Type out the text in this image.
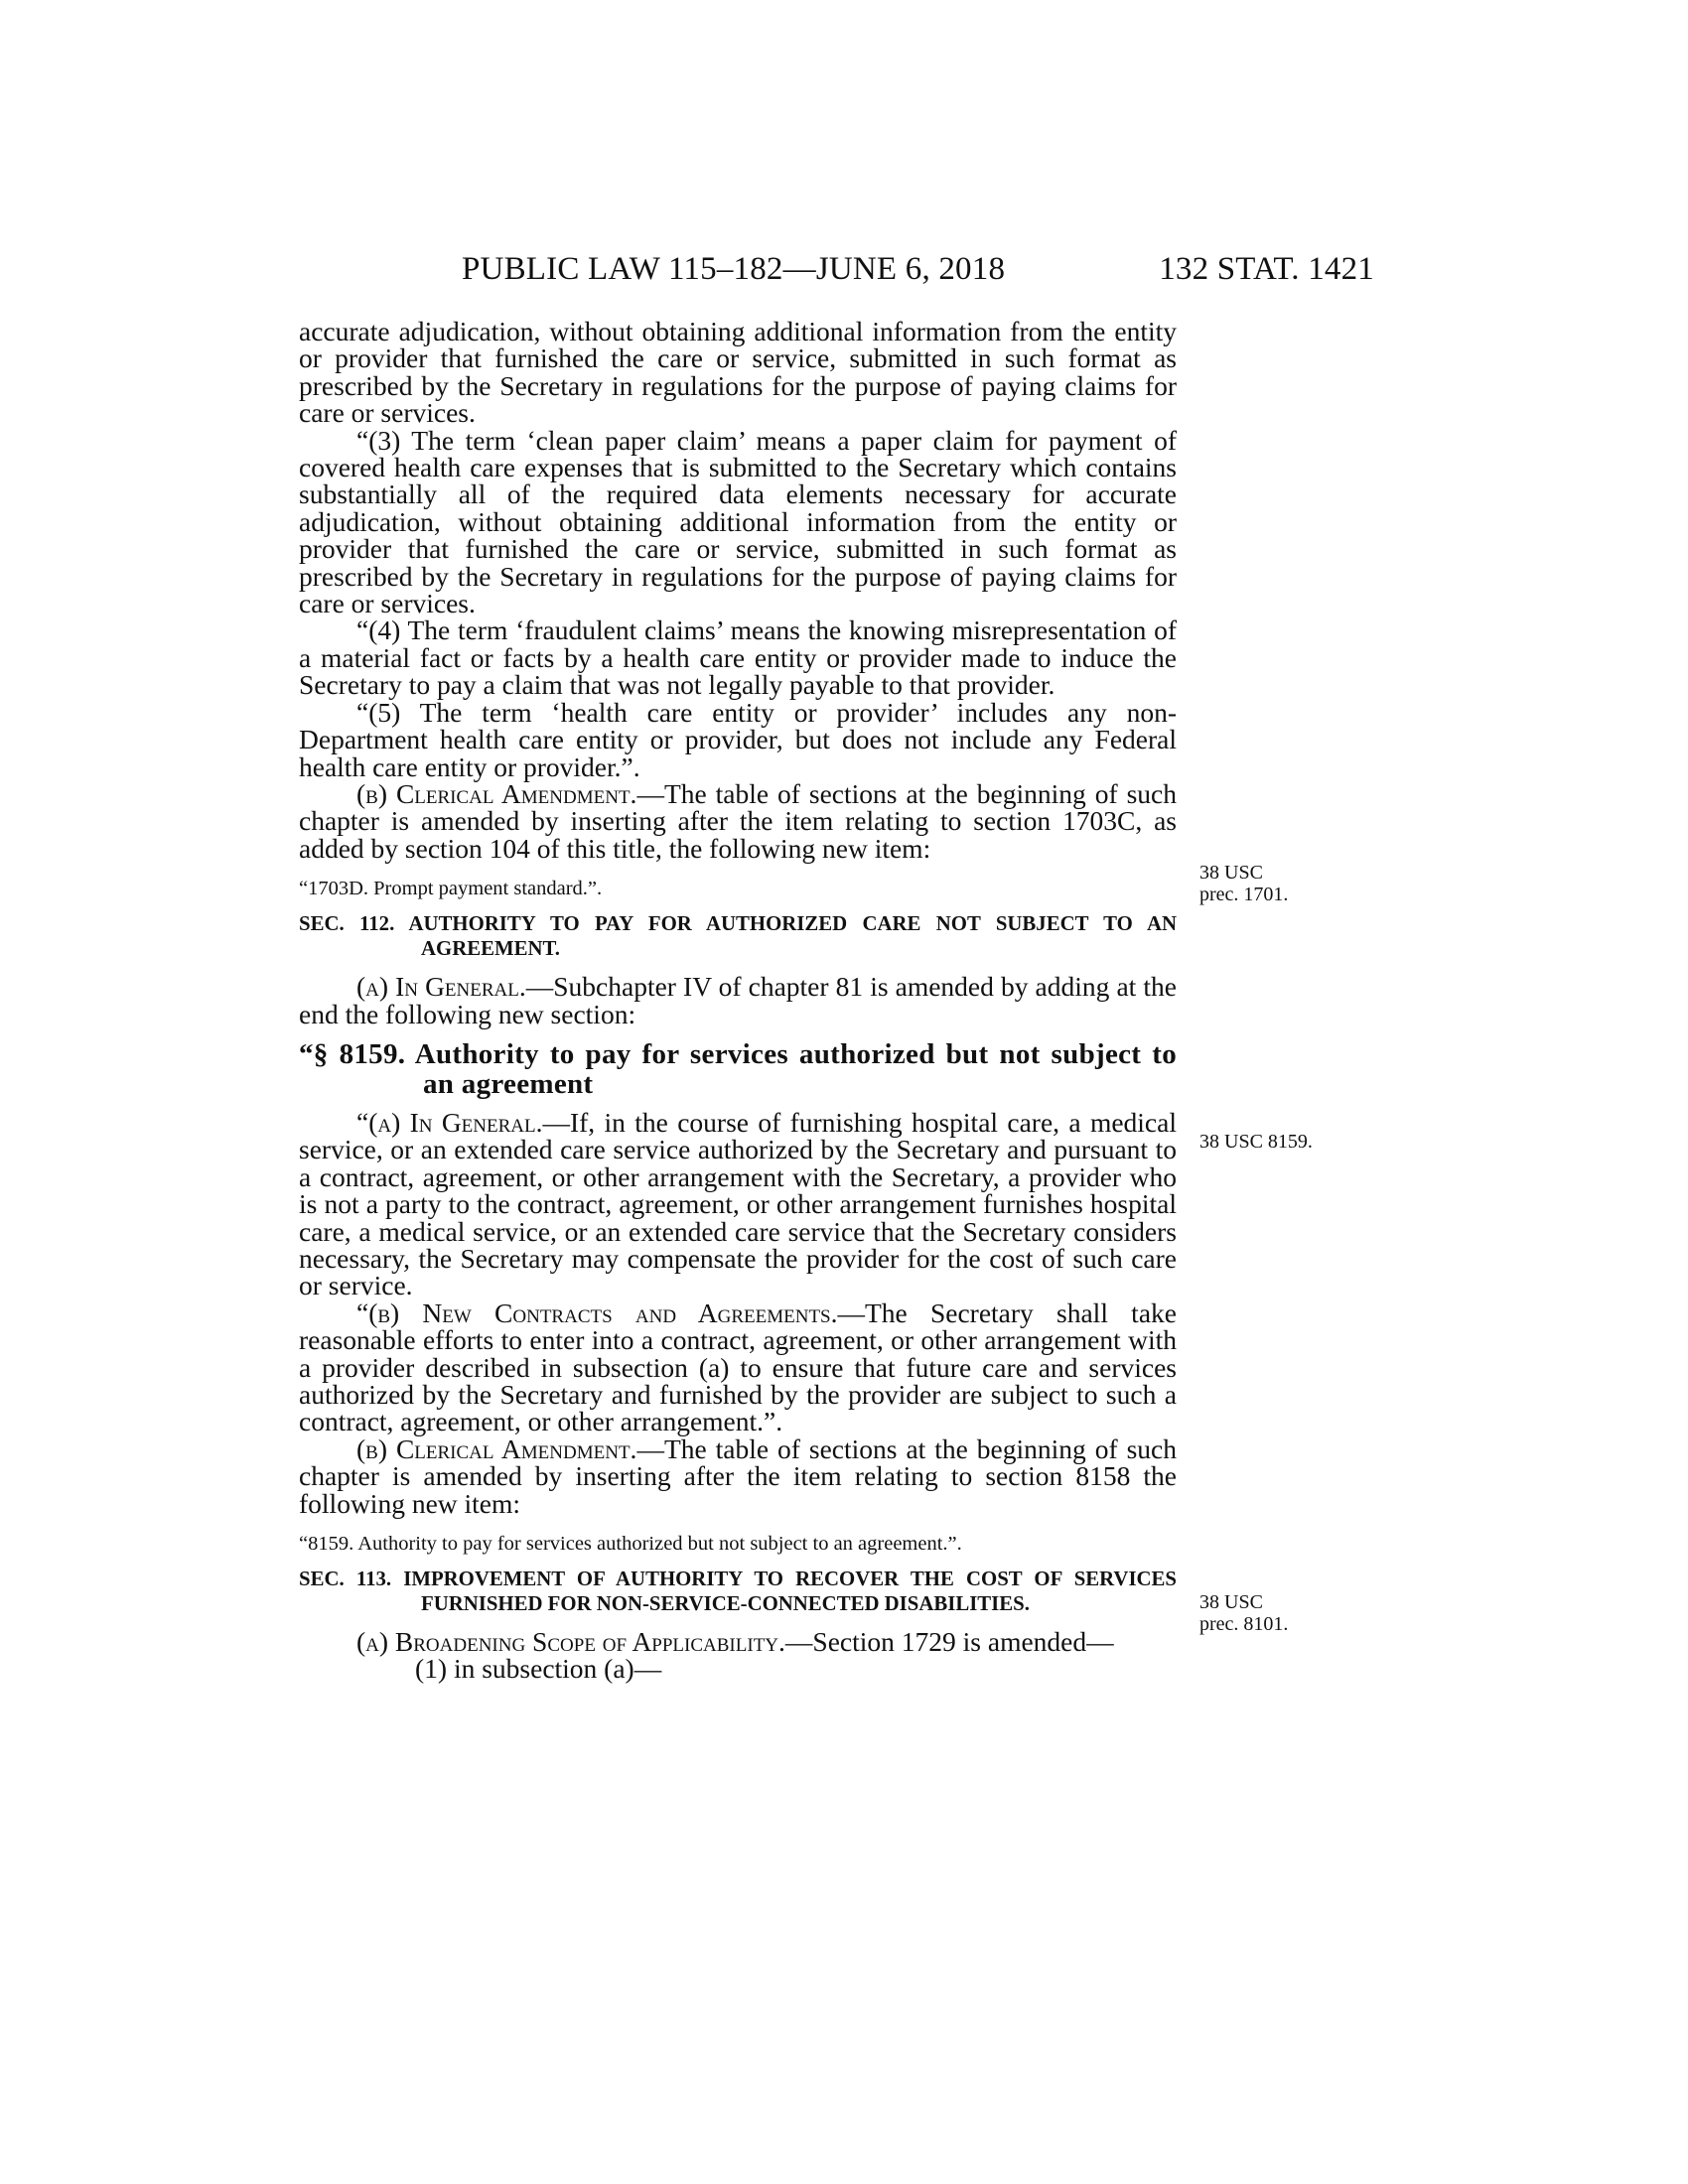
PUBLIC LAW 115–182—JUNE 6, 2018	132 STAT. 1421

accurate adjudication, without obtaining additional information from the entity or provider that furnished the care or service, submitted in such format as prescribed by the Secretary in regulations for the purpose of paying claims for care or services.

“(3) The term ‘clean paper claim’ means a paper claim for payment of covered health care expenses that is submitted to the Secretary which contains substantially all of the required data elements necessary for accurate adjudication, without obtaining additional information from the entity or provider that furnished the care or service, submitted in such format as prescribed by the Secretary in regulations for the purpose of paying claims for care or services.

“(4) The term ‘fraudulent claims’ means the knowing misrepresentation of a material fact or facts by a health care entity or provider made to induce the Secretary to pay a claim that was not legally payable to that provider.

“(5) The term ‘health care entity or provider’ includes any non-Department health care entity or provider, but does not include any Federal health care entity or provider.”.

(b) Clerical Amendment.—The table of sections at the beginning of such chapter is amended by inserting after the item relating to section 1703C, as added by section 104 of this title, the following new item:

“1703D. Prompt payment standard.”.
SEC. 112. AUTHORITY TO PAY FOR AUTHORIZED CARE NOT SUBJECT TO AN AGREEMENT.

(a) In General.—Subchapter IV of chapter 81 is amended by adding at the end the following new section:

“§ 8159. Authority to pay for services authorized but not subject to an agreement

“(a) In General.—If, in the course of furnishing hospital care, a medical service, or an extended care service authorized by the Secretary and pursuant to a contract, agreement, or other arrangement with the Secretary, a provider who is not a party to the contract, agreement, or other arrangement furnishes hospital care, a medical service, or an extended care service that the Secretary considers necessary, the Secretary may compensate the provider for the cost of such care or service.

“(b) New Contracts and Agreements.—The Secretary shall take reasonable efforts to enter into a contract, agreement, or other arrangement with a provider described in subsection (a) to ensure that future care and services authorized by the Secretary and furnished by the provider are subject to such a contract, agreement, or other arrangement.”.

(b) Clerical Amendment.—The table of sections at the beginning of such chapter is amended by inserting after the item relating to section 8158 the following new item:

“8159. Authority to pay for services authorized but not subject to an agreement.”.
SEC. 113. IMPROVEMENT OF AUTHORITY TO RECOVER THE COST OF SERVICES FURNISHED FOR NON-SERVICE-CONNECTED DISABILITIES.

(a) Broadening Scope of Applicability.—Section 1729 is amended—

(1) in subsection (a)—

38 USC
prec. 1701.
38 USC 8159.
38 USC
prec. 8101.
